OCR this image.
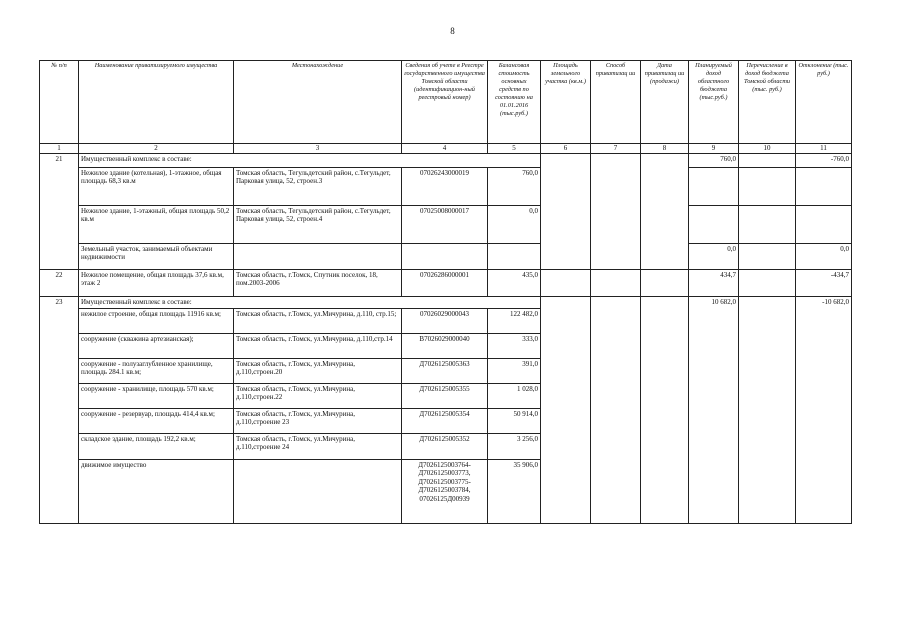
8
№ п/п	Наименование приватизируемого имущества	Местонахождение	Сведения об учете в Реестре государственного имущества Томской области (идентификацион-ный реестровый номер)	Балансовая стоимость основных средств по состоянию на 01.01.2016 (тыс.руб.)	Площадь земельного участка (кв.м.)	Способ приватизац ии	Дата приватизац ии (продажи)	Планируемый доход областного бюджета (тыс.руб.)	Перечисление в доход бюджета Томской области (тыс. руб.)	Отклонение (тыс. руб.)
1	2	3	4	5	6	7	8	9	10	11
21	Имущественный комплекс в составе:							760,0		-760,0
	Нежилое здание (котельная), 1-этажное, общая площадь 68,3 кв.м	Томская область, Тегульдетский район, с.Тегульдет, Парковая улица, 52, строен.3	07026243000019	760,0						
	Нежилое здание, 1-этажный, общая площадь 50,2 кв.м	Томская область, Тегульдетский район, с.Тегульдет, Парковая улица, 52, строен.4	07025008000017	0,0						
	Земельный участок, занимаемый объектами недвижимости							0,0		0,0
22	Нежилое помещение, общая площадь 37,6 кв.м, этаж 2	Томская область, г.Томск, Спутник поселок, 18, пом.2003-2006	07026286000001	435,0				434,7		-434,7
23	Имущественный комплекс в составе:							10 682,0		-10 682,0
	нежилое строение, общая площадь 11916 кв.м;	Томская область, г.Томск, ул.Мичурина, д.110, стр.15;	07026029000043	122 482,0						
	сооружение (скважина артезианская);	Томская область, г.Томск, ул.Мичурина, д.110,стр.14	B7026029000040	333,0						
	сооружение - полузаглубленное хранилище, площадь 284.1 кв.м;	Томская область, г.Томск, ул.Мичурина, д.110,строен.20	Д7026125005363	391,0						
	сооружение - хранилище, площадь 570 кв.м;	Томская область, г.Томск, ул.Мичурина, д.110,строен.22	Д7026125005355	1 028,0						
	сооружение - резервуар, площадь 414,4 кв.м;	Томская область, г.Томск, ул.Мичурина, д.110,строение 23	Д7026125005354	50 914,0						
	складское здание, площадь 192,2 кв.м;	Томская область, г.Томск, ул.Мичурина, д.110,строение 24	Д7026125005352	3 256,0						
	движимое имущество		Д7026125003764-Д7026125003773, Д7026125003775-Д7026125003784, 07026125Д00939	35 906,0						
